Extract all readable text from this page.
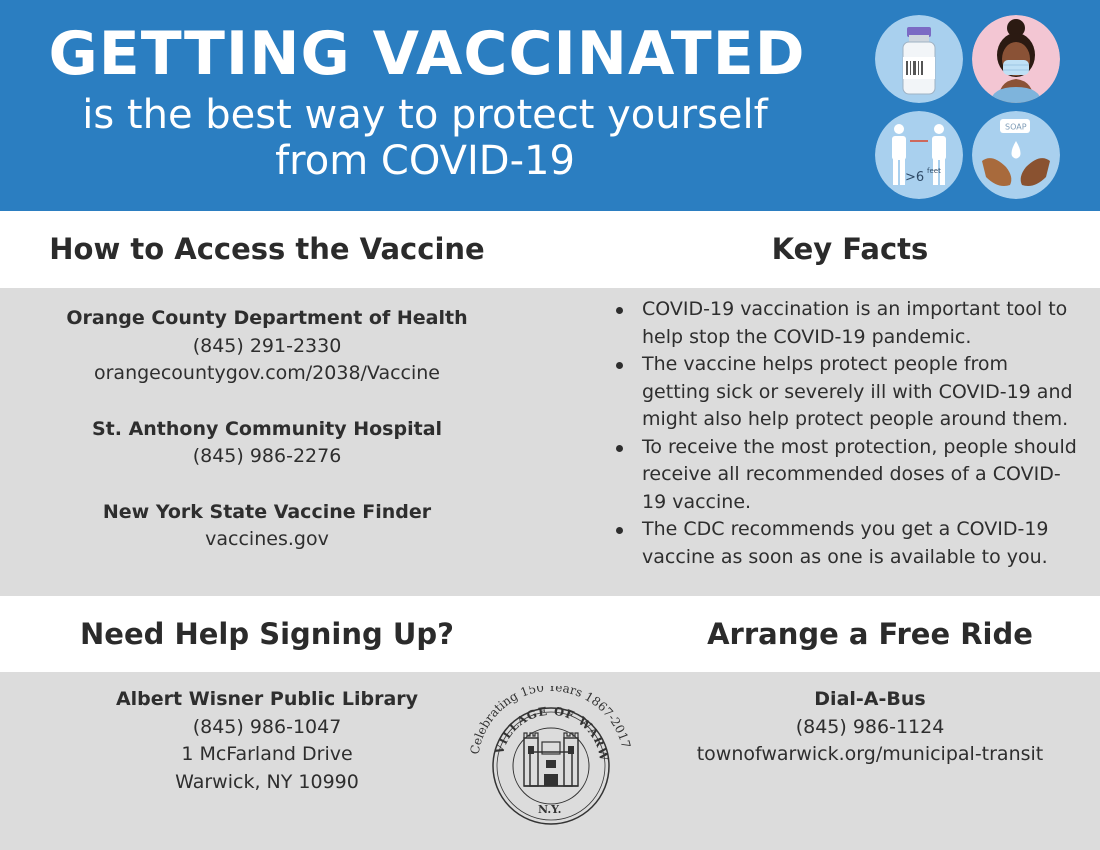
GETTING VACCINATED
is the best way to protect yourself
from COVID-19	>6 feet
SOAP
How to Access the Vaccine	Key Facts
Need Help Signing Up?	Arrange a Free Ride
Orange County Department of Health
(845) 291-2330
orangecountygov.com/2038/Vaccine
St. Anthony Community Hospital
(845) 986-2276
New York State Vaccine Finder
vaccines.gov
COVID-19 vaccination is an important tool to help stop the COVID-19 pandemic.
The vaccine helps protect people from getting sick or severely ill with COVID-19 and might also help protect people around them.
To receive the most protection, people should receive all recommended doses of a COVID-19 vaccine.
The CDC recommends you get a COVID-19 vaccine as soon as one is available to you.
Albert Wisner Public Library
(845) 986-1047
1 McFarland Drive
Warwick, NY 10990
Dial-A-Bus
(845) 986-1124
townofwarwick.org/municipal-transit
Celebrating 150 Years 1867-2017
VILLAGE OF WARW
N.Y.
